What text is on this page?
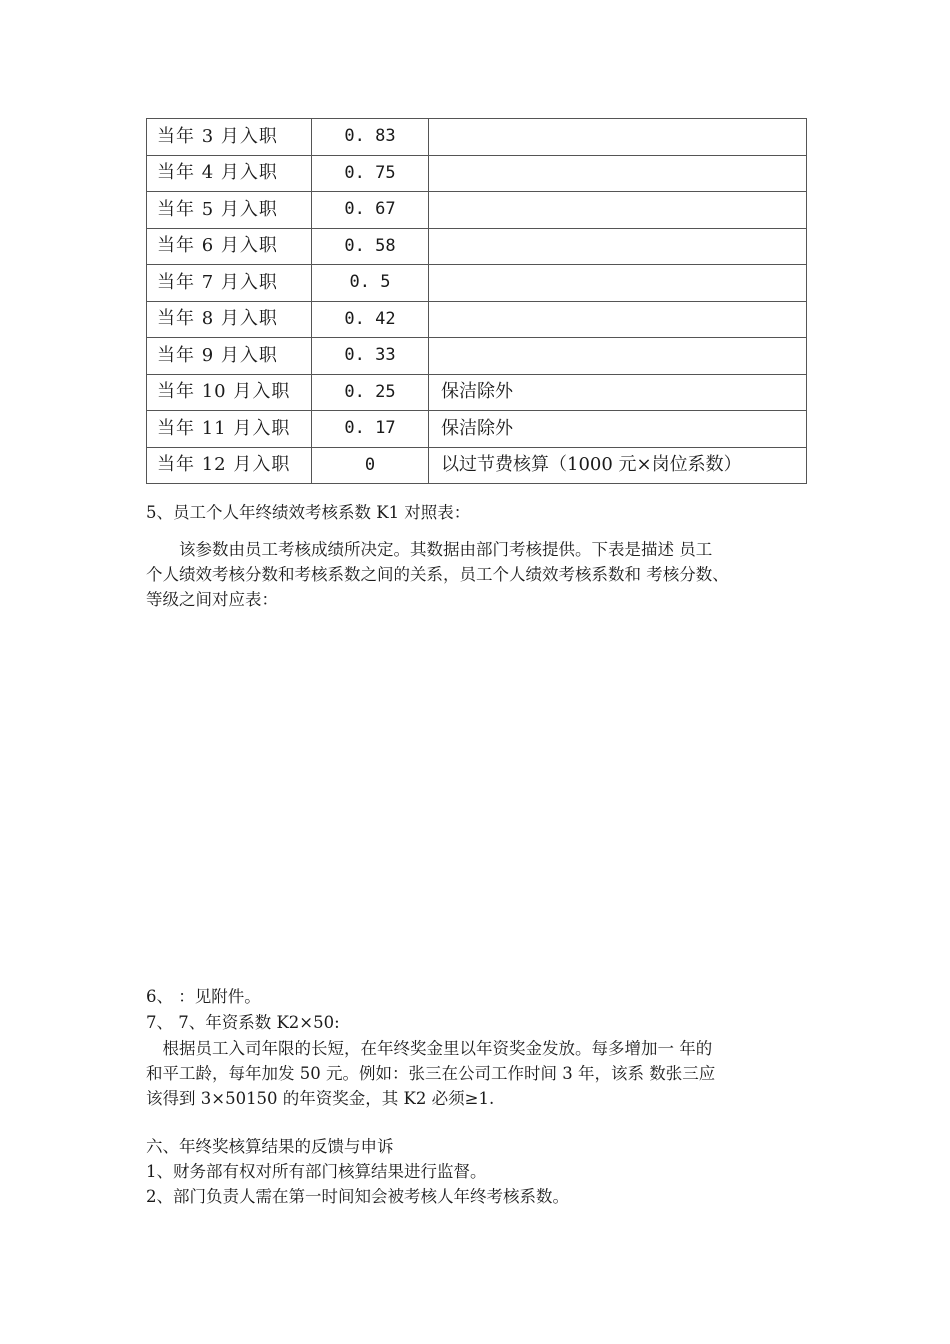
当年 3 月入职	0. 83	
当年 4 月入职	0. 75	
当年 5 月入职	0. 67	
当年 6 月入职	0. 58	
当年 7 月入职	0. 5	
当年 8 月入职	0. 42	
当年 9 月入职	0. 33	
当年 10 月入职	0. 25	保洁除外
当年 11 月入职	0. 17	保洁除外
当年 12 月入职	0	以过节费核算（1000 元×岗位系数）
5、员工个人年终绩效考核系数 K1 对照表：

　　该参数由员工考核成绩所决定。其数据由部门考核提供。下表是描述 员工

个人绩效考核分数和考核系数之间的关系，员工个人绩效考核系数和 考核分数、

等级之间对应表：

6、 ：见附件。
7、 7、年资系数 K2×50:

　根据员工入司年限的长短，在年终奖金里以年资奖金发放。每多增加一 年的

和平工龄，每年加发 50 元。例如：张三在公司工作时间 3 年，该系 数张三应

该得到 3×50150 的年资奖金，其 K2 必须≥1.

六、年终奖核算结果的反馈与申诉
1、财务部有权对所有部门核算结果进行监督。
2、部门负责人需在第一时间知会被考核人年终考核系数。
